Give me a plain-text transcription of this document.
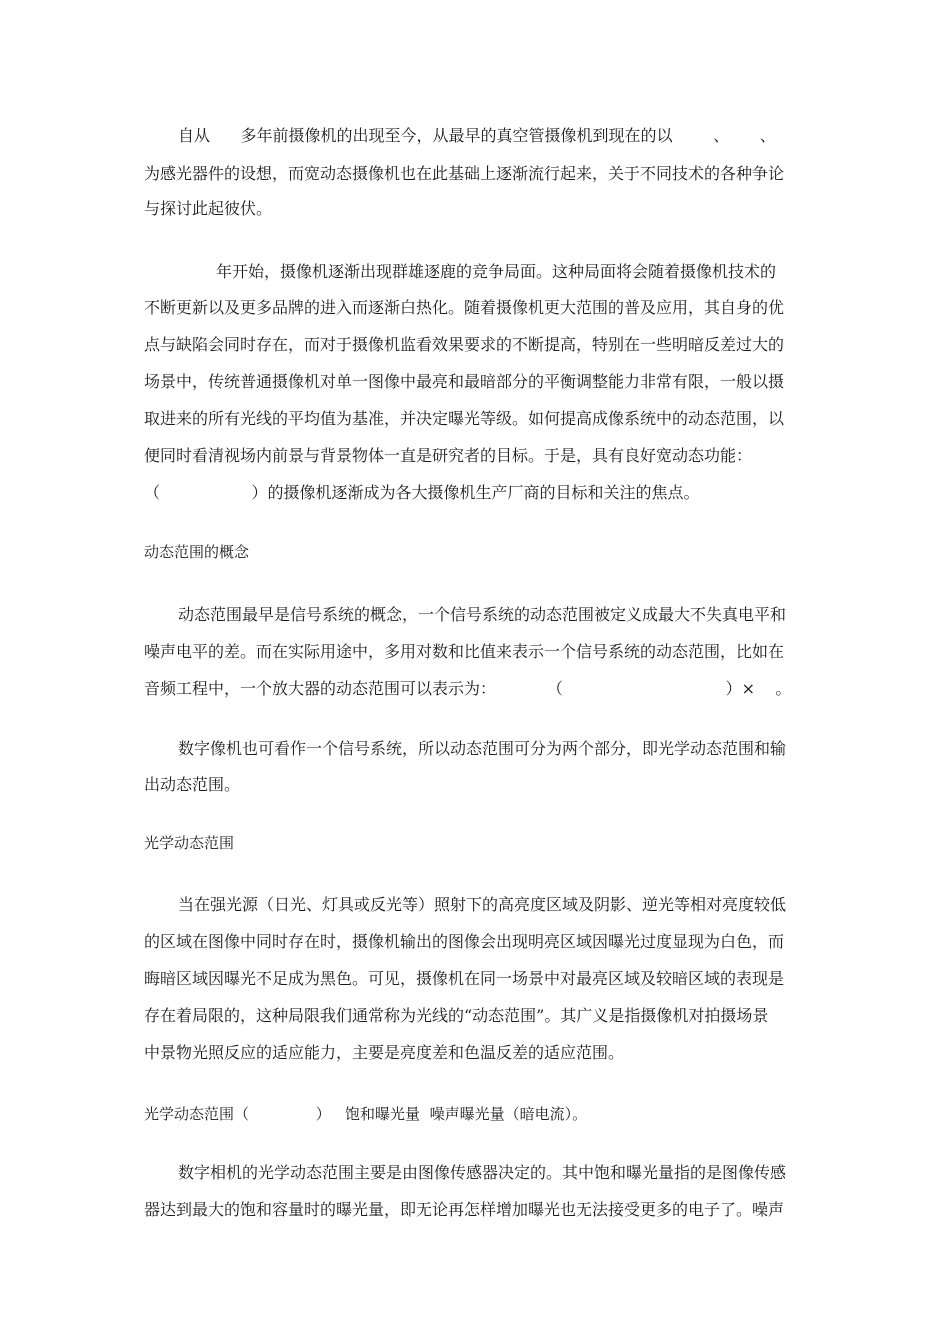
自从      多年前摄像机的出现至今，从最早的真空管摄像机到现在的以        、      、

为感光器件的设想，而宽动态摄像机也在此基础上逐渐流行起来，关于不同技术的各种争论

与探讨此起彼伏。

年开始，摄像机逐渐出现群雄逐鹿的竞争局面。这种局面将会随着摄像机技术的

不断更新以及更多品牌的进入而逐渐白热化。随着摄像机更大范围的普及应用，其自身的优

点与缺陷会同时存在，而对于摄像机监看效果要求的不断提高，特别在一些明暗反差过大的

场景中，传统普通摄像机对单一图像中最亮和最暗部分的平衡调整能力非常有限，一般以摄

取进来的所有光线的平均值为基准，并决定曝光等级。如何提高成像系统中的动态范围，以

便同时看清视场内前景与背景物体一直是研究者的目标。于是，具有良好宽动态功能：

（                  ）的摄像机逐渐成为各大摄像机生产厂商的目标和关注的焦点。

动态范围的概念

动态范围最早是信号系统的概念，一个信号系统的动态范围被定义成最大不失真电平和

噪声电平的差。而在实际用途中，多用对数和比值来表示一个信号系统的动态范围，比如在

音频工程中，一个放大器的动态范围可以表示为：          （                                ）×    。

数字像机也可看作一个信号系统，所以动态范围可分为两个部分，即光学动态范围和输

出动态范围。

光学动态范围

当在强光源（日光、灯具或反光等）照射下的高亮度区域及阴影、逆光等相对亮度较低

的区域在图像中同时存在时，摄像机输出的图像会出现明亮区域因曝光过度显现为白色，而

晦暗区域因曝光不足成为黑色。可见，摄像机在同一场景中对最亮区域及较暗区域的表现是

存在着局限的，这种局限我们通常称为光线的“动态范围”。其广义是指摄像机对拍摄场景

中景物光照反应的适应能力，主要是亮度差和色温反差的适应范围。

光学动态范围（              ）   饱和曝光量  噪声曝光量（暗电流）。

数字相机的光学动态范围主要是由图像传感器决定的。其中饱和曝光量指的是图像传感

器达到最大的饱和容量时的曝光量，即无论再怎样增加曝光也无法接受更多的电子了。噪声
